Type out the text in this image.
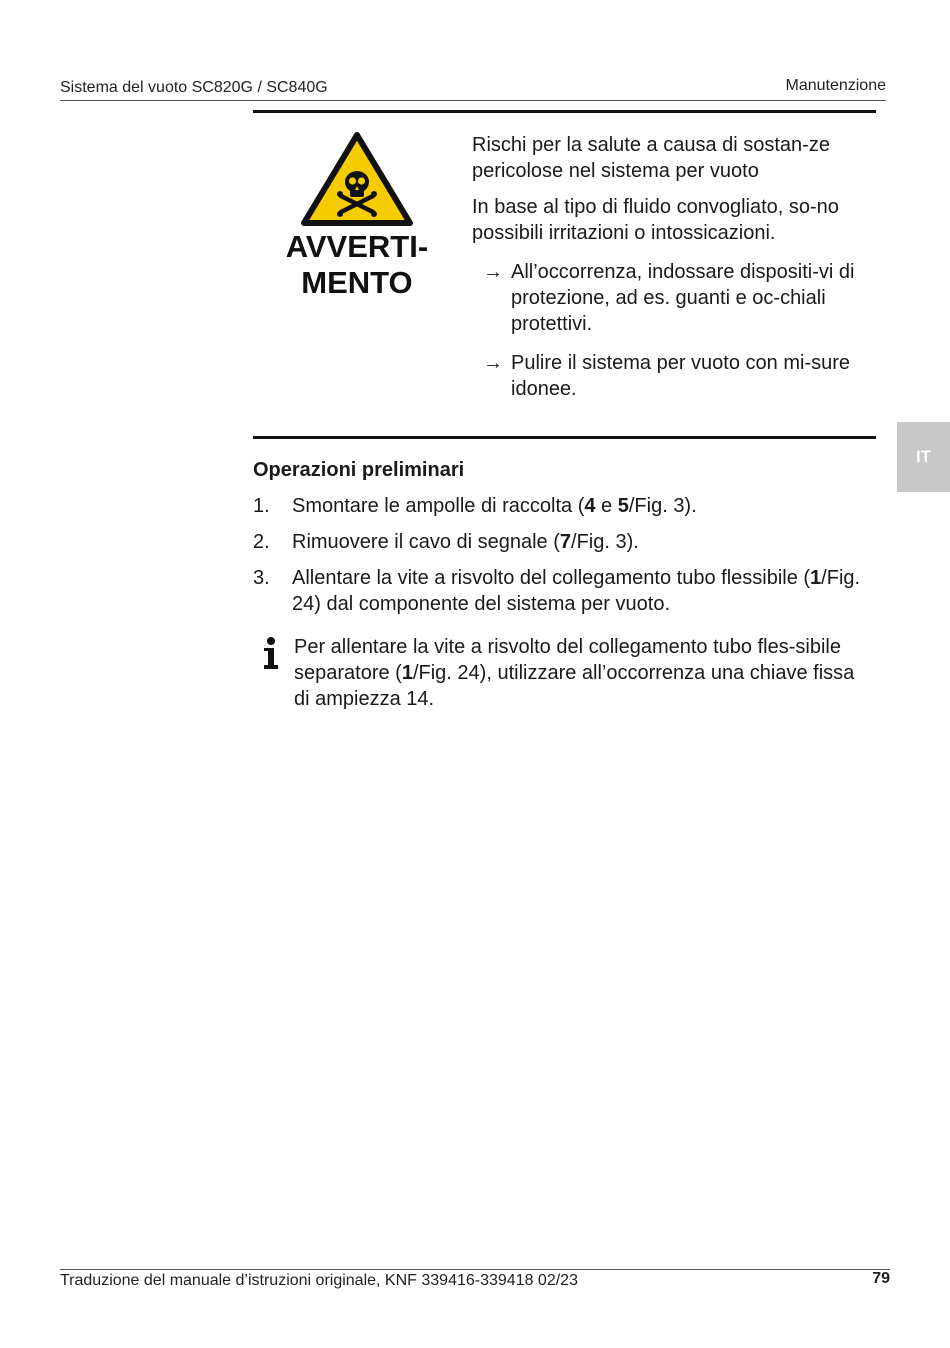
Sistema del vuoto SC820G / SC840G	Manutenzione
AVVERTI-
MENTO
Rischi per la salute a causa di sostan-ze pericolose nel sistema per vuoto
In base al tipo di fluido convogliato, so-no possibili irritazioni o intossicazioni.
→ All’occorrenza, indossare dispositi-vi di protezione, ad es. guanti e oc-chiali protettivi.
→ Pulire il sistema per vuoto con mi-sure idonee.
Operazioni preliminari
1.	Smontare le ampolle di raccolta (4 e 5/Fig. 3).
2.	Rimuovere il cavo di segnale (7/Fig. 3).
3.	Allentare la vite a risvolto del collegamento tubo flessibile (1/Fig. 24) dal componente del sistema per vuoto.
Per allentare la vite a risvolto del collegamento tubo fles-sibile separatore (1/Fig. 24), utilizzare all’occorrenza una chiave fissa di ampiezza 14.
IT
Traduzione del manuale d’istruzioni originale, KNF 339416-339418 02/23	79
